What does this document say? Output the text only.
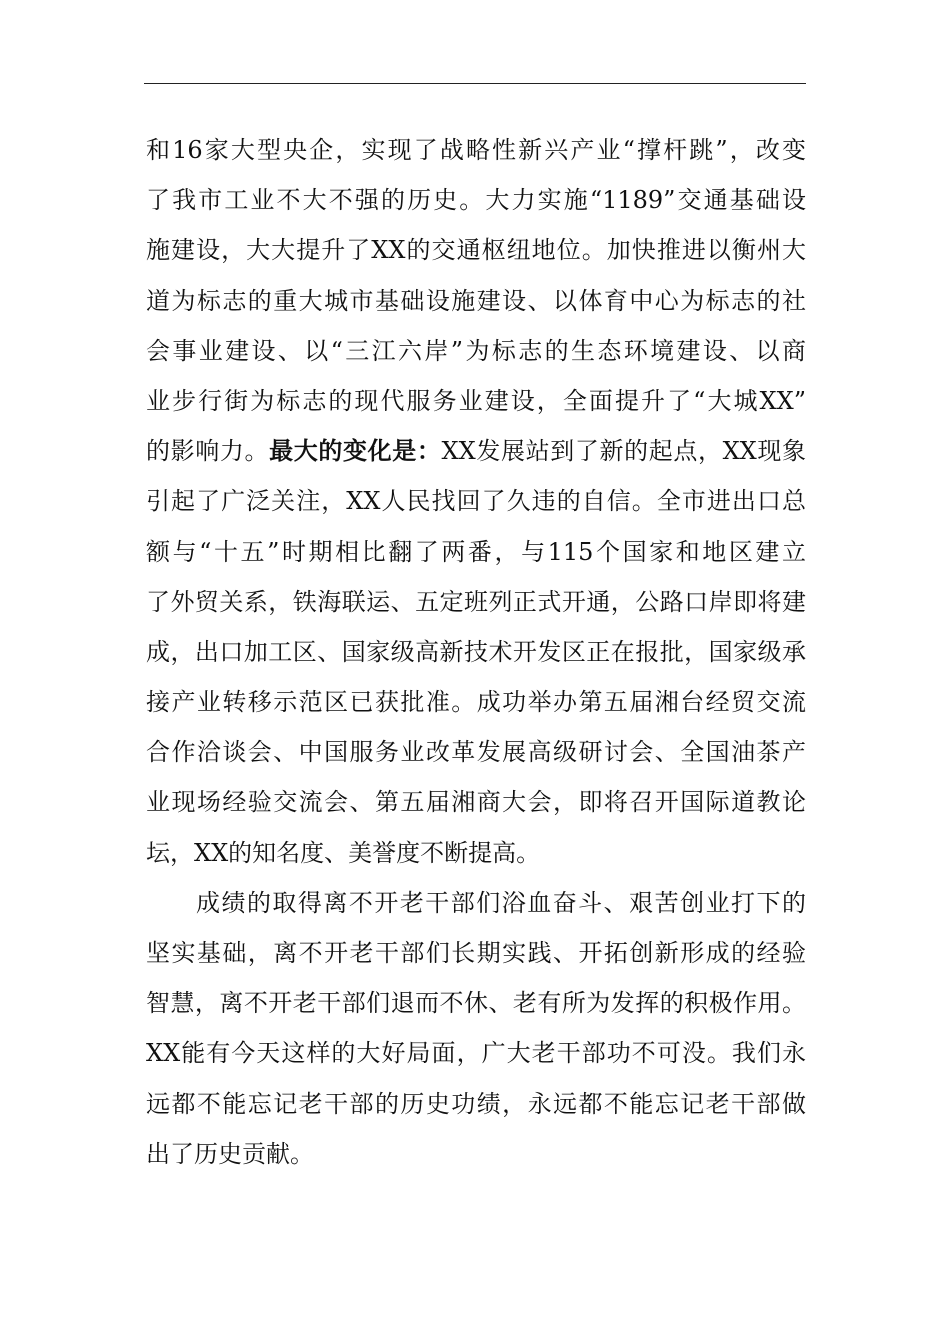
和16家大型央企，实现了战略性新兴产业“撑杆跳”，改变
了我市工业不大不强的历史。大力实施“1189”交通基础设
施建设，大大提升了XX的交通枢纽地位。加快推进以衡州大
道为标志的重大城市基础设施建设、以体育中心为标志的社
会事业建设、以“三江六岸”为标志的生态环境建设、以商
业步行街为标志的现代服务业建设，全面提升了“大城XX”
的影响力。最大的变化是：XX发展站到了新的起点，XX现象
引起了广泛关注，XX人民找回了久违的自信。全市进出口总
额与“十五”时期相比翻了两番，与115个国家和地区建立
了外贸关系，铁海联运、五定班列正式开通，公路口岸即将建
成，出口加工区、国家级高新技术开发区正在报批，国家级承
接产业转移示范区已获批准。成功举办第五届湘台经贸交流
合作洽谈会、中国服务业改革发展高级研讨会、全国油茶产
业现场经验交流会、第五届湘商大会，即将召开国际道教论
坛，XX的知名度、美誉度不断提高。
成绩的取得离不开老干部们浴血奋斗、艰苦创业打下的
坚实基础，离不开老干部们长期实践、开拓创新形成的经验
智慧，离不开老干部们退而不休、老有所为发挥的积极作用。
XX能有今天这样的大好局面，广大老干部功不可没。我们永
远都不能忘记老干部的历史功绩，永远都不能忘记老干部做
出了历史贡献。
